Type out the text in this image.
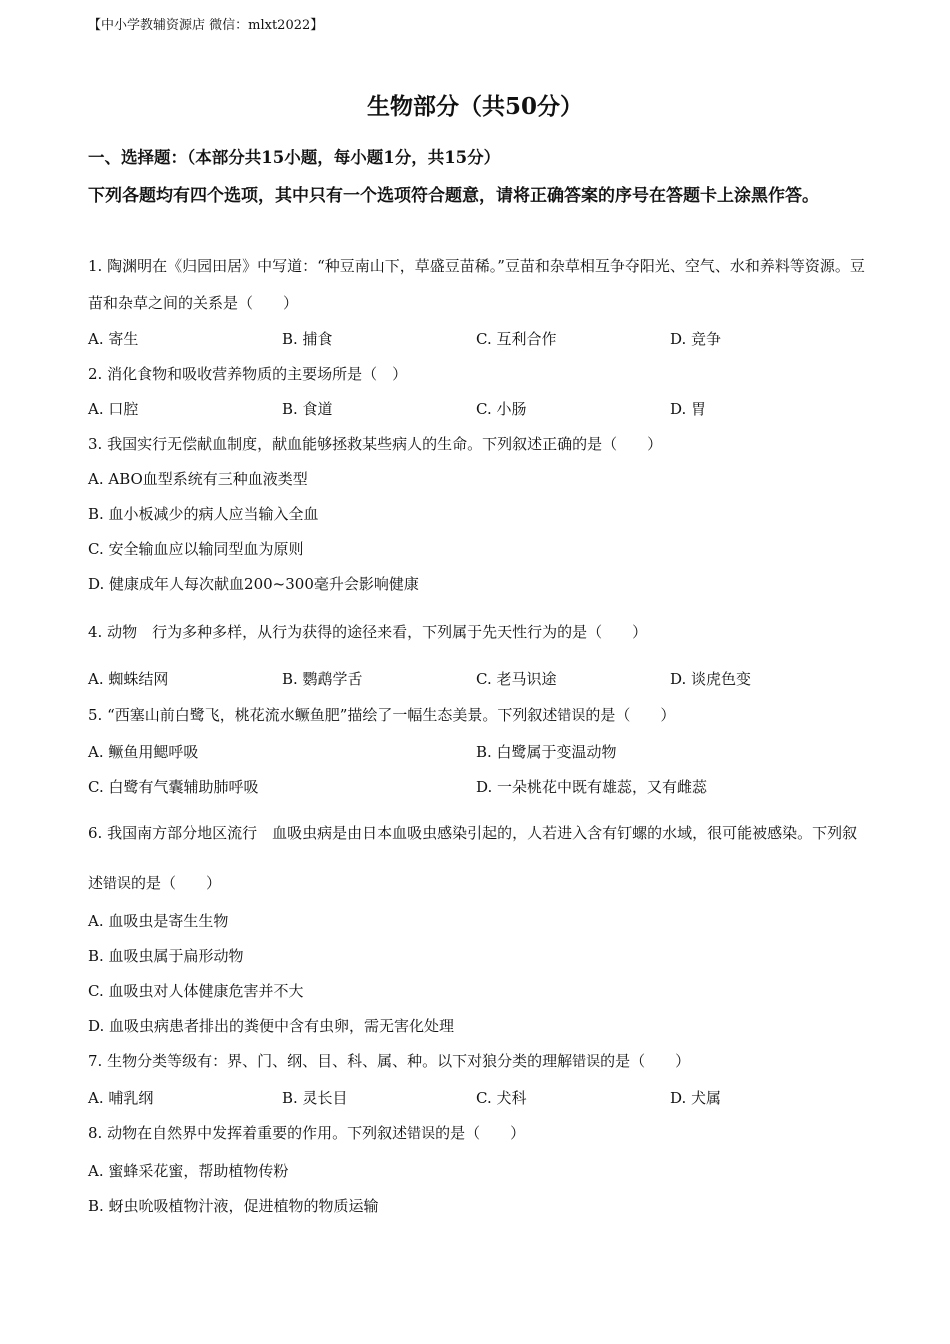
【中小学教辅资源店 微信：mlxt2022】
生物部分（共50分）
一、选择题：（本部分共15小题，每小题1分，共15分）
下列各题均有四个选项，其中只有一个选项符合题意，请将正确答案的序号在答题卡上涂黑作答。
1. 陶渊明在《归园田居》中写道：“种豆南山下，草盛豆苗稀。”豆苗和杂草相互争夺阳光、空气、水和养料等资源。豆苗和杂草之间的关系是（　　）
A. 寄生	B. 捕食	C. 互利合作	D. 竞争
2. 消化食物和吸收营养物质的主要场所是（　）
A. 口腔	B. 食道	C. 小肠	D. 胃
3. 我国实行无偿献血制度，献血能够拯救某些病人的生命。下列叙述正确的是（　　）
A. ABO血型系统有三种血液类型
B. 血小板减少的病人应当输入全血
C. 安全输血应以输同型血为原则
D. 健康成年人每次献血200~300毫升会影响健康
4. 动物　行为多种多样，从行为获得的途径来看，下列属于先天性行为的是（　　）
A. 蜘蛛结网	B. 鹦鹉学舌	C. 老马识途	D. 谈虎色变
5. “西塞山前白鹭飞，桃花流水鳜鱼肥”描绘了一幅生态美景。下列叙述错误的是（　　）
A. 鳜鱼用鳃呼吸	B. 白鹭属于变温动物
C. 白鹭有气囊辅助肺呼吸	D. 一朵桃花中既有雄蕊，又有雌蕊
6. 我国南方部分地区流行　血吸虫病是由日本血吸虫感染引起的，人若进入含有钉螺的水域，很可能被感染。下列叙述错误的是（　　）
A. 血吸虫是寄生生物
B. 血吸虫属于扁形动物
C. 血吸虫对人体健康危害并不大
D. 血吸虫病患者排出的粪便中含有虫卵，需无害化处理
7. 生物分类等级有：界、门、纲、目、科、属、种。以下对狼分类的理解错误的是（　　）
A. 哺乳纲	B. 灵长目	C. 犬科	D. 犬属
8. 动物在自然界中发挥着重要的作用。下列叙述错误的是（　　）
A. 蜜蜂采花蜜，帮助植物传粉
B. 蚜虫吮吸植物汁液，促进植物的物质运输
